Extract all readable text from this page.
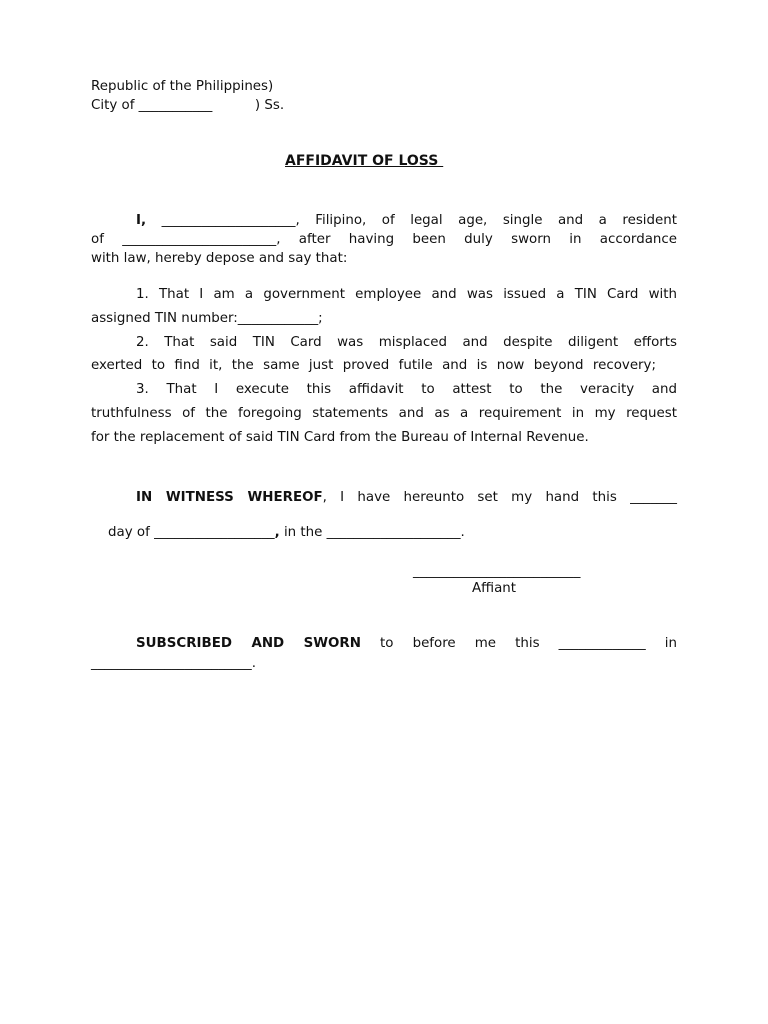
Republic of the Philippines)
City of ___________          ) Ss.
AFFIDAVIT OF LOSS
I, ____________________, Filipino, of legal age, single and a resident
of _______________________, after having been duly sworn in accordance
with law, hereby depose and say that:
1. That I am a government employee and was issued a TIN Card with
assigned TIN number:____________;
2. That said TIN Card was misplaced and despite diligent efforts
exerted to find it, the same just proved futile and is now beyond recovery;
3. That I execute this affidavit to attest to the veracity and
truthfulness of the foregoing statements and as a requirement in my request
for the replacement of said TIN Card from the Bureau of Internal Revenue.
IN WITNESS WHEREOF, I have hereunto set my hand this _______

day of __________________, in the ____________________.

_________________________
Affiant
SUBSCRIBED AND SWORN to before me this _____________ in
________________________.
